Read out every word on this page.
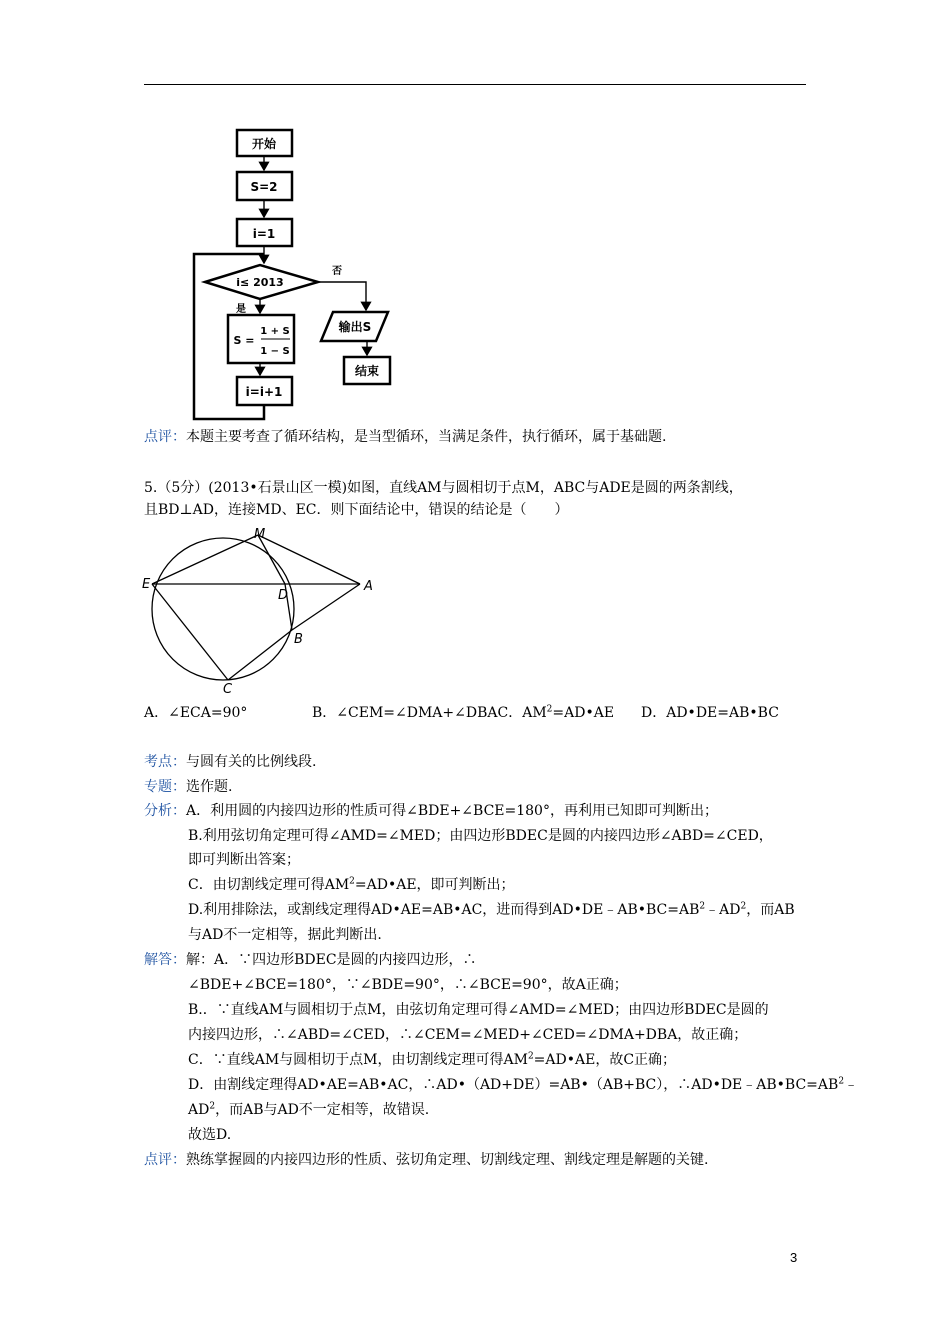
开始
S=2
i=1
i≤ 2013
i=i+1
输出S
结束
S =
1 + S
1 − S
否
是
点评：本题主要考查了循环结构，是当型循环，当满足条件，执行循环，属于基础题.
5.（5分）(2013•石景山区一模)如图，直线AM与圆相切于点M，ABC与ADE是圆的两条割线，
且BD⊥AD，连接MD、EC．则下面结论中，错误的结论是（　　）
M
E
D
A
B
C
A．∠ECA=90°	B．∠CEM=∠DMA+∠DBAC．$AM^2=AD•AE$ D．AD•DE=AB•BC
考点：与圆有关的比例线段.
专题：选作题.
分析：A．利用圆的内接四边形的性质可得∠BDE+∠BCE=180°，再利用已知即可判断出；
B.利用弦切角定理可得∠AMD=∠MED；由四边形BDEC是圆的内接四边形∠ABD=∠CED，
即可判断出答案；
C．由切割线定理可得$AM^2=AD•AE$，即可判断出；
D.利用排除法，或割线定理得AD•AE=AB•AC，进而得到$AD•DE﹣AB•BC=AB^2﹣AD^2$，而AB
与AD不一定相等，据此判断出.
解答：解：A．∵四边形BDEC是圆的内接四边形，∴
∠BDE+∠BCE=180°，∵∠BDE=90°，∴∠BCE=90°，故A正确；
B.．∵直线AM与圆相切于点M，由弦切角定理可得∠AMD=∠MED；由四边形BDEC是圆的
内接四边形，∴∠ABD=∠CED，∴∠CEM=∠MED+∠CED=∠DMA+DBA，故正确；
C．∵直线AM与圆相切于点M，由切割线定理可得$AM^2=AD•AE$，故C正确；
D．由割线定理得AD•AE=AB•AC，∴AD•（AD+DE）=AB•（AB+BC），$\therefore AD•DE﹣AB•BC=AB^2﹣$
$AD^2$，而AB与AD不一定相等，故错误.
故选D.
点评：熟练掌握圆的内接四边形的性质、弦切角定理、切割线定理、割线定理是解题的关键.
3
